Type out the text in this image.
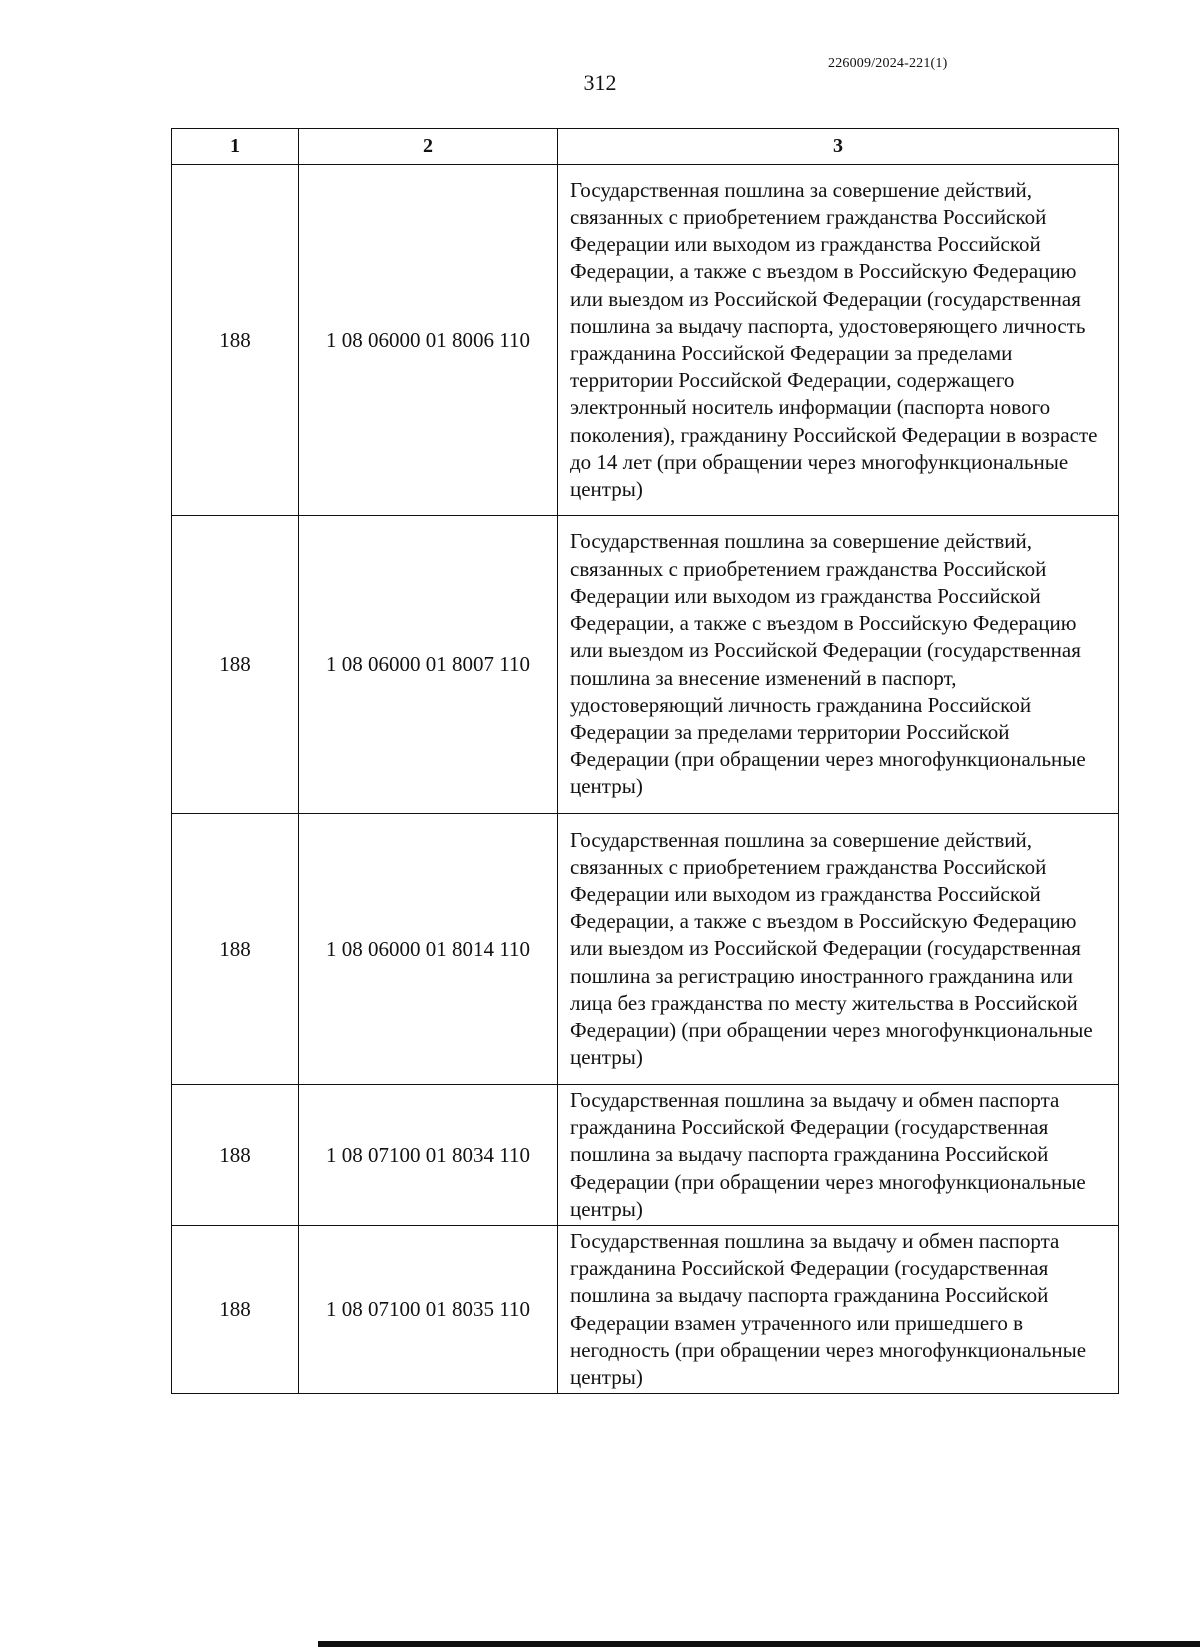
226009/2024-221(1)
312
1	2	3
188	1 08 06000 01 8006 110	Государственная пошлина за совершение действий, связанных с приобретением гражданства Российской Федерации или выходом из гражданства Российской Федерации, а также с въездом в Российскую Федерацию или выездом из Российской Федерации (государственная пошлина за выдачу паспорта, удостоверяющего личность гражданина Российской Федерации за пределами территории Российской Федерации, содержащего электронный носитель информации (паспорта нового поколения), гражданину Российской Федерации в возрасте до 14 лет (при обращении через многофункциональные центры)
188	1 08 06000 01 8007 110	Государственная пошлина за совершение действий, связанных с приобретением гражданства Российской Федерации или выходом из гражданства Российской Федерации, а также с въездом в Российскую Федерацию или выездом из Российской Федерации (государственная пошлина за внесение изменений в паспорт, удостоверяющий личность гражданина Российской Федерации за пределами территории Российской Федерации (при обращении через многофункциональные центры)
188	1 08 06000 01 8014 110	Государственная пошлина за совершение действий, связанных с приобретением гражданства Российской Федерации или выходом из гражданства Российской Федерации, а также с въездом в Российскую Федерацию или выездом из Российской Федерации (государственная пошлина за регистрацию иностранного гражданина или лица без гражданства по месту жительства в Российской Федерации) (при обращении через многофункциональные центры)
188	1 08 07100 01 8034 110	Государственная пошлина за выдачу и обмен паспорта гражданина Российской Федерации (государственная пошлина за выдачу паспорта гражданина Российской Федерации (при обращении через многофункциональные центры)
188	1 08 07100 01 8035 110	Государственная пошлина за выдачу и обмен паспорта гражданина Российской Федерации (государственная пошлина за выдачу паспорта гражданина Российской Федерации взамен утраченного или пришедшего в негодность (при обращении через многофункциональные центры)
